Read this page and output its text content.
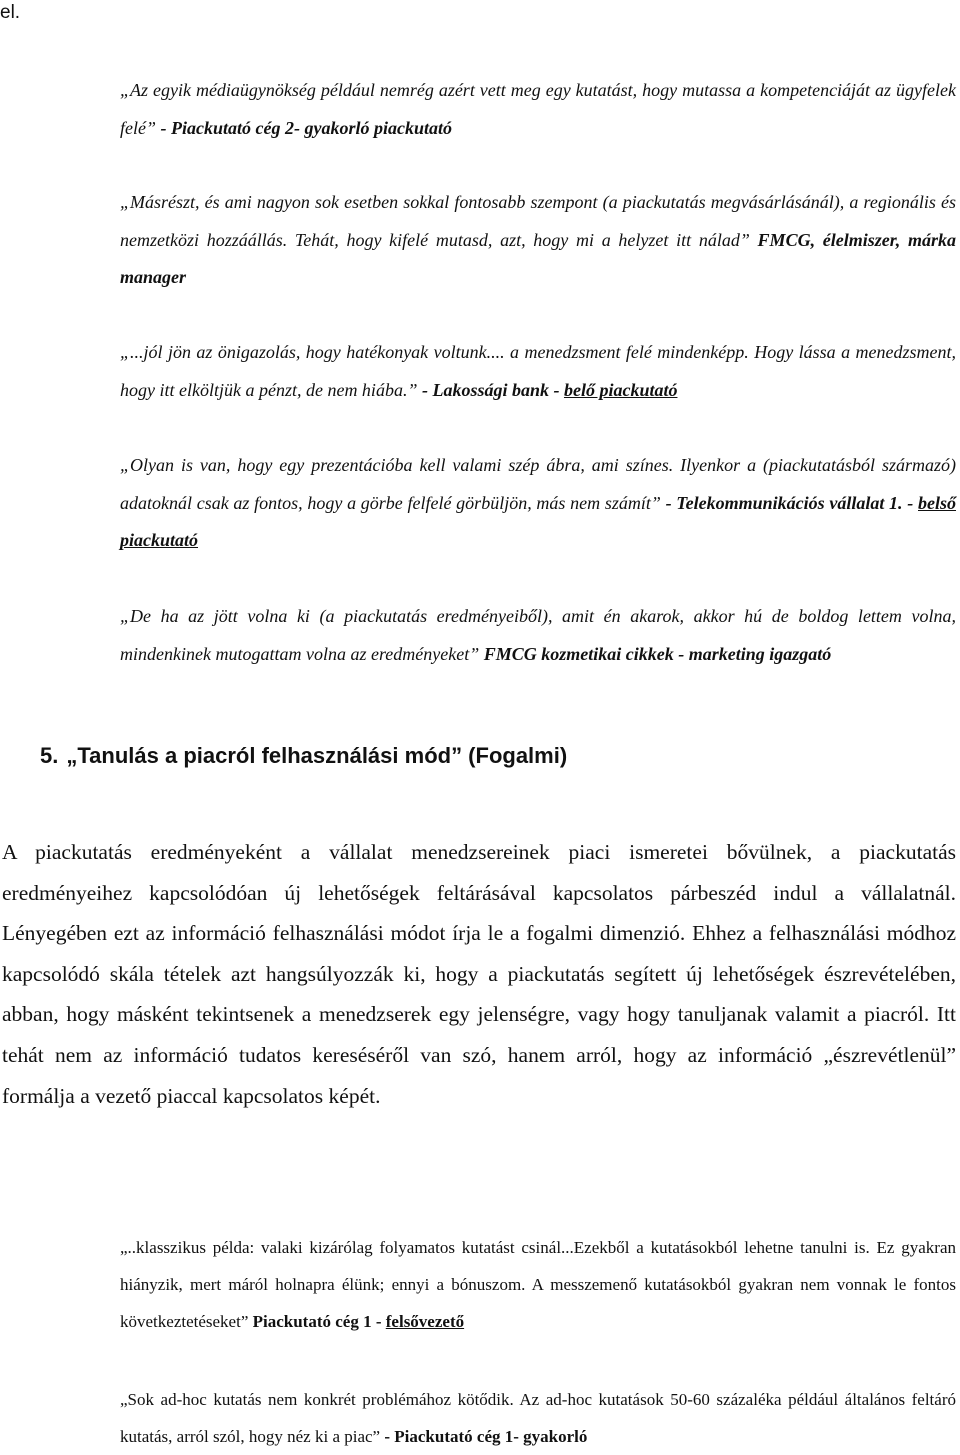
el.

„Az egyik médiaügynökség például nemrég azért vett meg egy kutatást, hogy mutassa a kompetenciáját az ügyfelek felé” - Piackutató cég 2- gyakorló piackutató

„Másrészt, és ami nagyon sok esetben sokkal fontosabb szempont (a piackutatás megvásárlásánál), a regionális és nemzetközi hozzáállás. Tehát, hogy kifelé mutasd, azt, hogy mi a helyzet itt nálad” FMCG, élelmiszer, márka manager

„...jól jön az önigazolás, hogy hatékonyak voltunk.... a menedzsment felé mindenképp. Hogy lássa a menedzsment, hogy itt elköltjük a pénzt, de nem hiába.” - Lakossági bank - belő piackutató

„Olyan is van, hogy egy prezentációba kell valami szép ábra, ami színes. Ilyenkor a (piackutatásból származó) adatoknál csak az fontos, hogy a görbe felfelé görbüljön, más nem számít” - Telekommunikációs vállalat 1. - belső piackutató

„De ha az jött volna ki (a piackutatás eredményeiből), amit én akarok, akkor hú de boldog lettem volna, mindenkinek mutogattam volna az eredményeket” FMCG kozmetikai cikkek - marketing igazgató

5. „Tanulás a piacról felhasználási mód” (Fogalmi)

A piackutatás eredményeként a vállalat menedzsereinek piaci ismeretei bővülnek, a piackutatás eredményeihez kapcsolódóan új lehetőségek feltárásával kapcsolatos párbeszéd indul a vállalatnál. Lényegében ezt az információ felhasználási módot írja le a fogalmi dimenzió. Ehhez a felhasználási módhoz kapcsolódó skála tételek azt hangsúlyozzák ki, hogy a piackutatás segített új lehetőségek észrevételében, abban, hogy másként tekintsenek a menedzserek egy jelenségre, vagy hogy tanuljanak valamit a piacról. Itt tehát nem az információ tudatos kereséséről van szó, hanem arról, hogy az információ „észrevétlenül” formálja a vezető piaccal kapcsolatos képét.

„..klasszikus példa: valaki kizárólag folyamatos kutatást csinál...Ezekből a kutatásokból lehetne tanulni is. Ez gyakran hiányzik, mert máról holnapra élünk; ennyi a bónuszom. A messzemenő kutatásokból gyakran nem vonnak le fontos következtetéseket” Piackutató cég 1 - felsővezető

„Sok ad-hoc kutatás nem konkrét problémához kötődik. Az ad-hoc kutatások 50-60 százaléka például általános feltáró kutatás, arról szól, hogy néz ki a piac” - Piackutató cég 1- gyakorló
